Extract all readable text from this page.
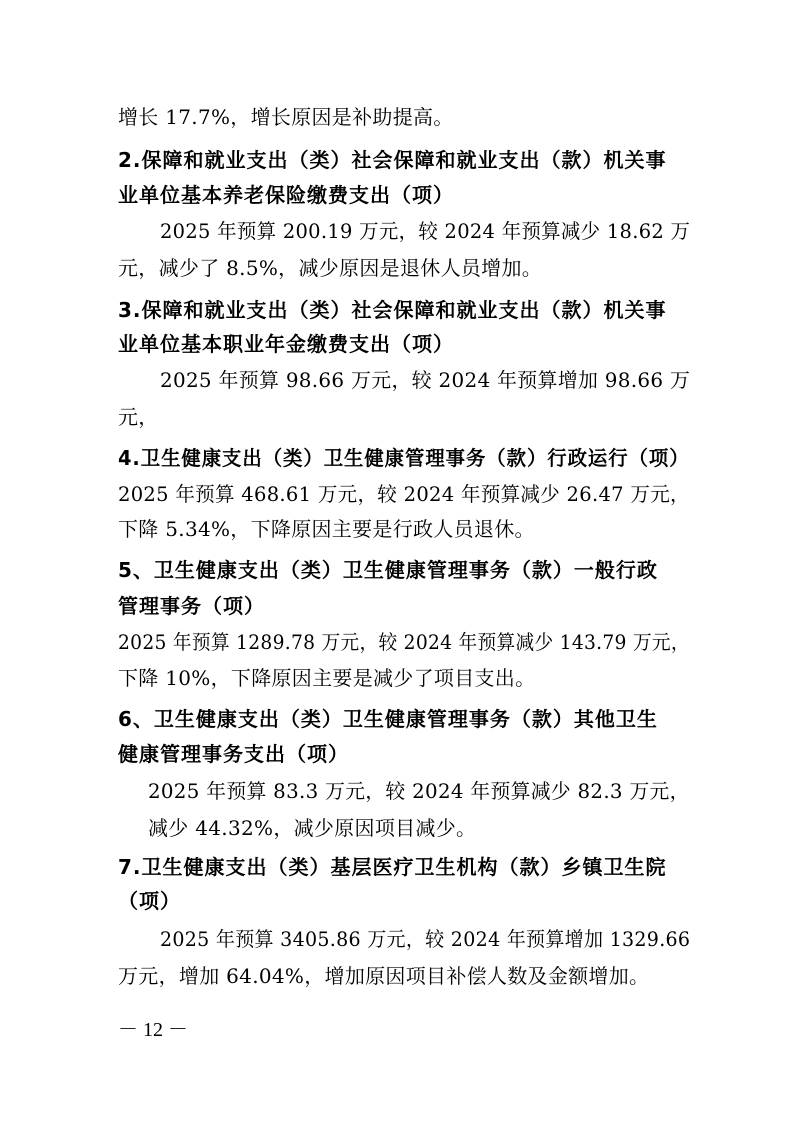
增长 17.7%，增长原因是补助提高。
2.保障和就业支出（类）社会保障和就业支出（款）机关事
业单位基本养老保险缴费支出（项）
2025 年预算 200.19 万元，较 2024 年预算减少 18.62 万
元，减少了 8.5%，减少原因是退休人员增加。
3.保障和就业支出（类）社会保障和就业支出（款）机关事
业单位基本职业年金缴费支出（项）
2025 年预算 98.66 万元，较 2024 年预算增加 98.66 万
元，
4.卫生健康支出（类）卫生健康管理事务（款）行政运行（项）
2025 年预算 468.61 万元，较 2024 年预算减少 26.47 万元，
下降 5.34%，下降原因主要是行政人员退休。
5、卫生健康支出（类）卫生健康管理事务（款）一般行政
管理事务（项）
2025 年预算 1289.78 万元，较 2024 年预算减少 143.79 万元，
下降 10%，下降原因主要是减少了项目支出。
6、卫生健康支出（类）卫生健康管理事务（款）其他卫生
健康管理事务支出（项）
2025 年预算 83.3 万元，较 2024 年预算减少 82.3 万元，
减少 44.32%，减少原因项目减少。
7.卫生健康支出（类）基层医疗卫生机构（款）乡镇卫生院
（项）
2025 年预算 3405.86 万元，较 2024 年预算增加 1329.66
万元，增加 64.04%，增加原因项目补偿人数及金额增加。
－ 12 －
